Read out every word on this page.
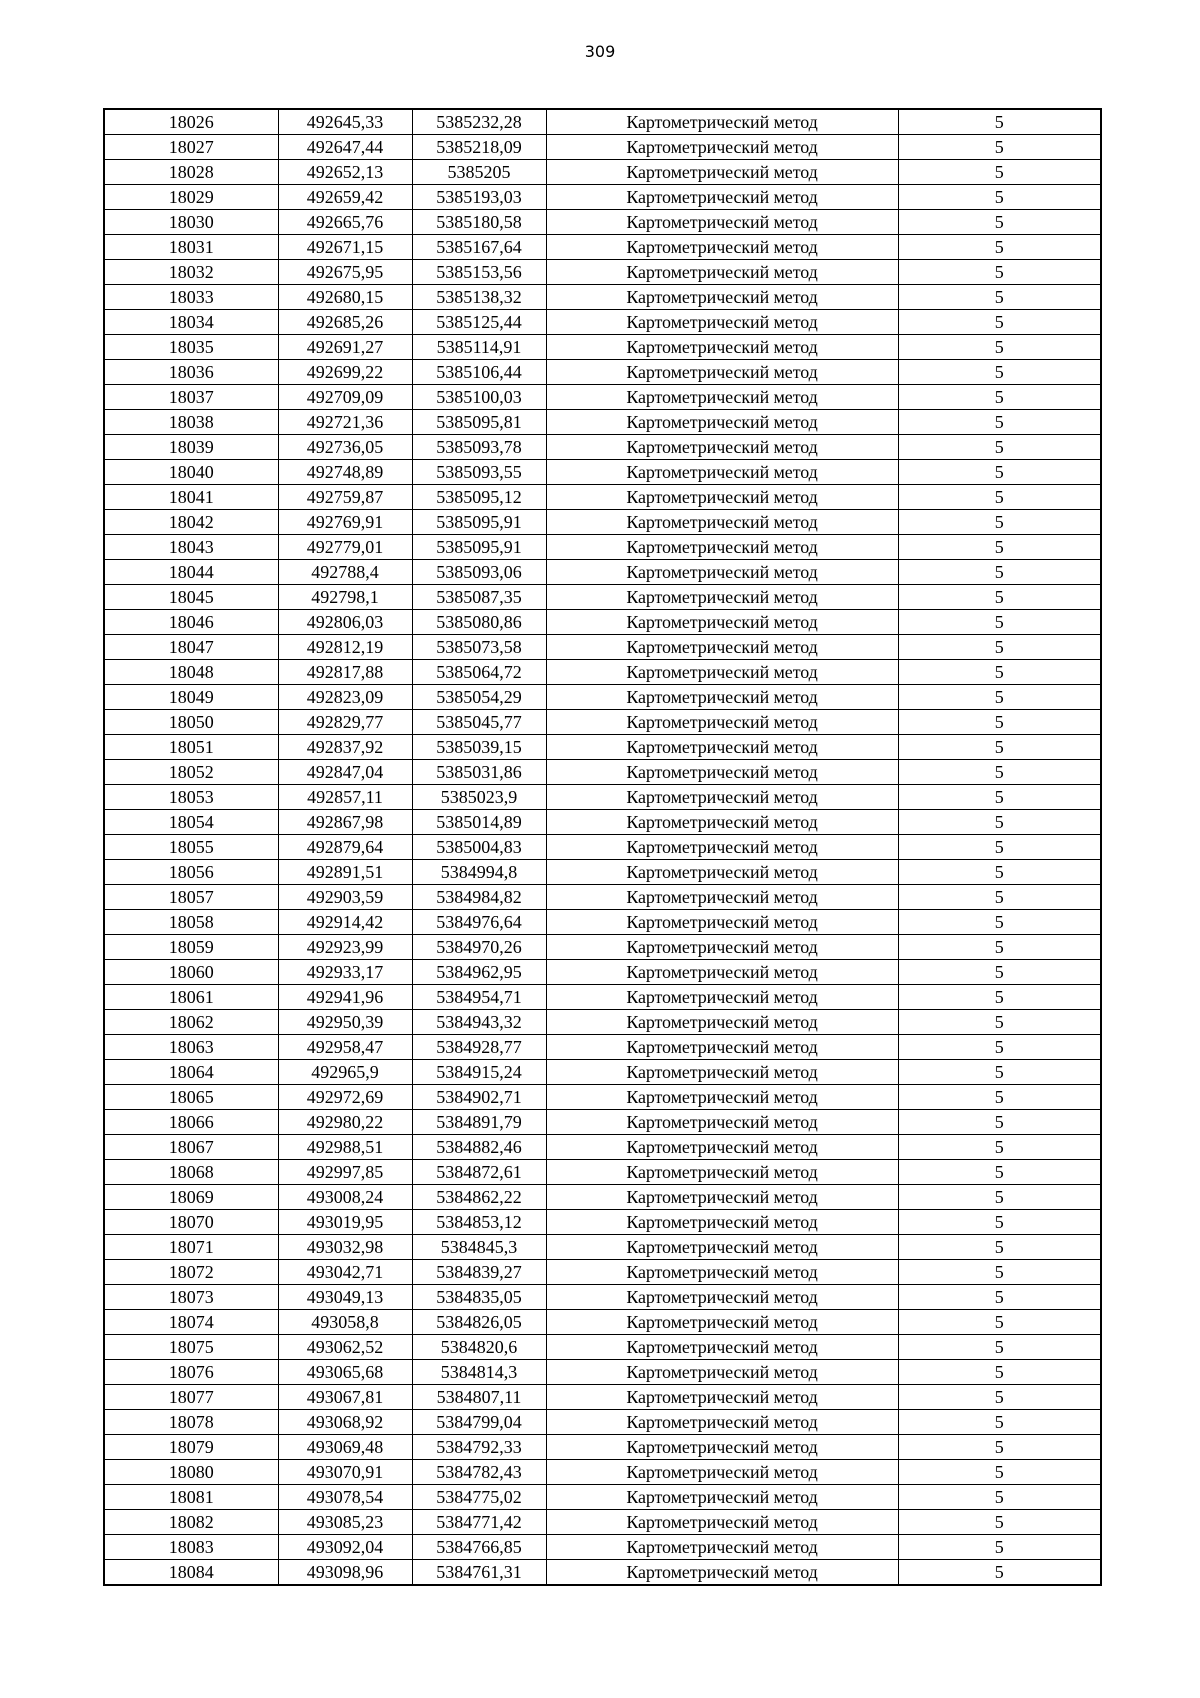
309
18026	492645,33	5385232,28	Картометрический метод	5
18027	492647,44	5385218,09	Картометрический метод	5
18028	492652,13	5385205	Картометрический метод	5
18029	492659,42	5385193,03	Картометрический метод	5
18030	492665,76	5385180,58	Картометрический метод	5
18031	492671,15	5385167,64	Картометрический метод	5
18032	492675,95	5385153,56	Картометрический метод	5
18033	492680,15	5385138,32	Картометрический метод	5
18034	492685,26	5385125,44	Картометрический метод	5
18035	492691,27	5385114,91	Картометрический метод	5
18036	492699,22	5385106,44	Картометрический метод	5
18037	492709,09	5385100,03	Картометрический метод	5
18038	492721,36	5385095,81	Картометрический метод	5
18039	492736,05	5385093,78	Картометрический метод	5
18040	492748,89	5385093,55	Картометрический метод	5
18041	492759,87	5385095,12	Картометрический метод	5
18042	492769,91	5385095,91	Картометрический метод	5
18043	492779,01	5385095,91	Картометрический метод	5
18044	492788,4	5385093,06	Картометрический метод	5
18045	492798,1	5385087,35	Картометрический метод	5
18046	492806,03	5385080,86	Картометрический метод	5
18047	492812,19	5385073,58	Картометрический метод	5
18048	492817,88	5385064,72	Картометрический метод	5
18049	492823,09	5385054,29	Картометрический метод	5
18050	492829,77	5385045,77	Картометрический метод	5
18051	492837,92	5385039,15	Картометрический метод	5
18052	492847,04	5385031,86	Картометрический метод	5
18053	492857,11	5385023,9	Картометрический метод	5
18054	492867,98	5385014,89	Картометрический метод	5
18055	492879,64	5385004,83	Картометрический метод	5
18056	492891,51	5384994,8	Картометрический метод	5
18057	492903,59	5384984,82	Картометрический метод	5
18058	492914,42	5384976,64	Картометрический метод	5
18059	492923,99	5384970,26	Картометрический метод	5
18060	492933,17	5384962,95	Картометрический метод	5
18061	492941,96	5384954,71	Картометрический метод	5
18062	492950,39	5384943,32	Картометрический метод	5
18063	492958,47	5384928,77	Картометрический метод	5
18064	492965,9	5384915,24	Картометрический метод	5
18065	492972,69	5384902,71	Картометрический метод	5
18066	492980,22	5384891,79	Картометрический метод	5
18067	492988,51	5384882,46	Картометрический метод	5
18068	492997,85	5384872,61	Картометрический метод	5
18069	493008,24	5384862,22	Картометрический метод	5
18070	493019,95	5384853,12	Картометрический метод	5
18071	493032,98	5384845,3	Картометрический метод	5
18072	493042,71	5384839,27	Картометрический метод	5
18073	493049,13	5384835,05	Картометрический метод	5
18074	493058,8	5384826,05	Картометрический метод	5
18075	493062,52	5384820,6	Картометрический метод	5
18076	493065,68	5384814,3	Картометрический метод	5
18077	493067,81	5384807,11	Картометрический метод	5
18078	493068,92	5384799,04	Картометрический метод	5
18079	493069,48	5384792,33	Картометрический метод	5
18080	493070,91	5384782,43	Картометрический метод	5
18081	493078,54	5384775,02	Картометрический метод	5
18082	493085,23	5384771,42	Картометрический метод	5
18083	493092,04	5384766,85	Картометрический метод	5
18084	493098,96	5384761,31	Картометрический метод	5
